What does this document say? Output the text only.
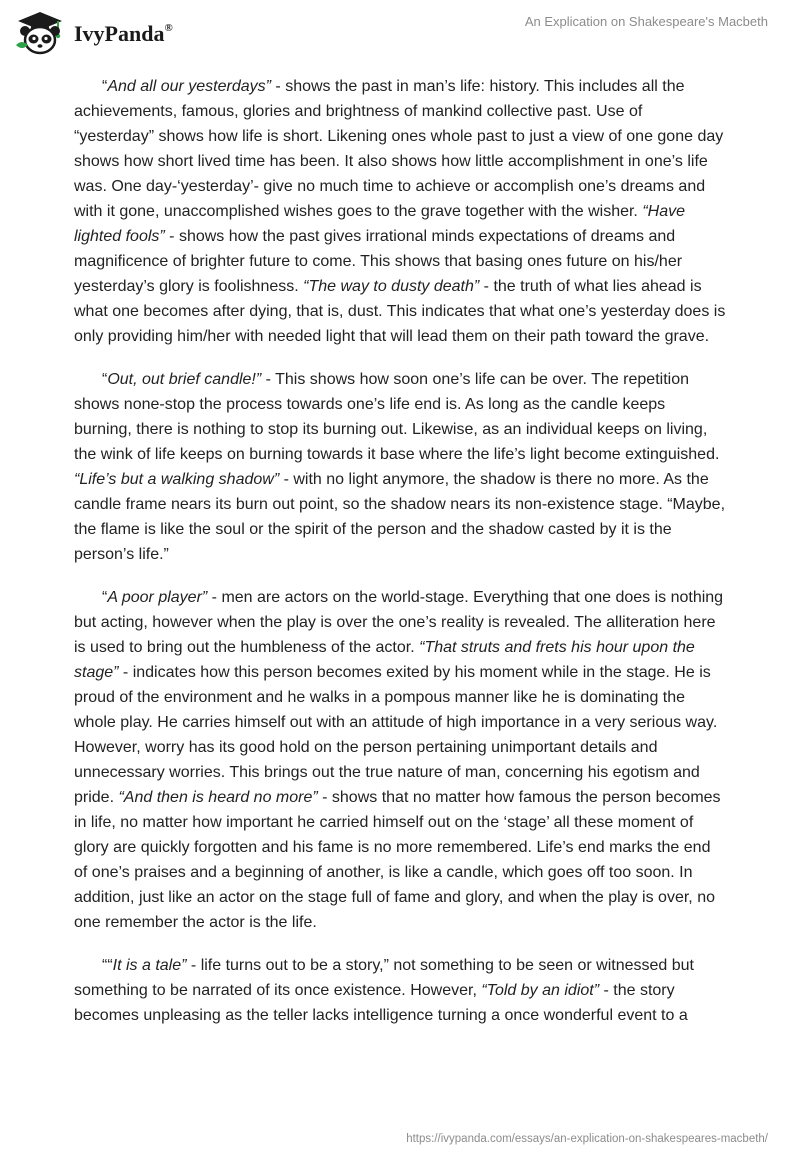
IvyPanda®	An Explication on Shakespeare's Macbeth

“And all our yesterdays” - shows the past in man’s life: history. This includes all the achievements, famous, glories and brightness of mankind collective past. Use of “yesterday” shows how life is short. Likening ones whole past to just a view of one gone day shows how short lived time has been. It also shows how little accomplishment in one’s life was. One day-‘yesterday’- give no much time to achieve or accomplish one’s dreams and with it gone, unaccomplished wishes goes to the grave together with the wisher. “Have lighted fools” - shows how the past gives irrational minds expectations of dreams and magnificence of brighter future to come. This shows that basing ones future on his/her yesterday’s glory is foolishness. “The way to dusty death” - the truth of what lies ahead is what one becomes after dying, that is, dust. This indicates that what one’s yesterday does is only providing him/her with needed light that will lead them on their path toward the grave.

“Out, out brief candle!” - This shows how soon one’s life can be over. The repetition shows none-stop the process towards one’s life end is. As long as the candle keeps burning, there is nothing to stop its burning out. Likewise, as an individual keeps on living, the wink of life keeps on burning towards it base where the life’s light become extinguished. “Life’s but a walking shadow” - with no light anymore, the shadow is there no more. As the candle frame nears its burn out point, so the shadow nears its non-existence stage. “Maybe, the flame is like the soul or the spirit of the person and the shadow casted by it is the person’s life.”

“A poor player” - men are actors on the world-stage. Everything that one does is nothing but acting, however when the play is over the one’s reality is revealed. The alliteration here is used to bring out the humbleness of the actor. “That struts and frets his hour upon the stage” - indicates how this person becomes exited by his moment while in the stage. He is proud of the environment and he walks in a pompous manner like he is dominating the whole play. He carries himself out with an attitude of high importance in a very serious way. However, worry has its good hold on the person pertaining unimportant details and unnecessary worries. This brings out the true nature of man, concerning his egotism and pride. “And then is heard no more” - shows that no matter how famous the person becomes in life, no matter how important he carried himself out on the ‘stage’ all these moment of glory are quickly forgotten and his fame is no more remembered. Life’s end marks the end of one’s praises and a beginning of another, is like a candle, which goes off too soon. In addition, just like an actor on the stage full of fame and glory, and when the play is over, no one remember the actor is the life.

““It is a tale” - life turns out to be a story,” not something to be seen or witnessed but something to be narrated of its once existence. However, “Told by an idiot” - the story becomes unpleasing as the teller lacks intelligence turning a once wonderful event to a

https://ivypanda.com/essays/an-explication-on-shakespeares-macbeth/
